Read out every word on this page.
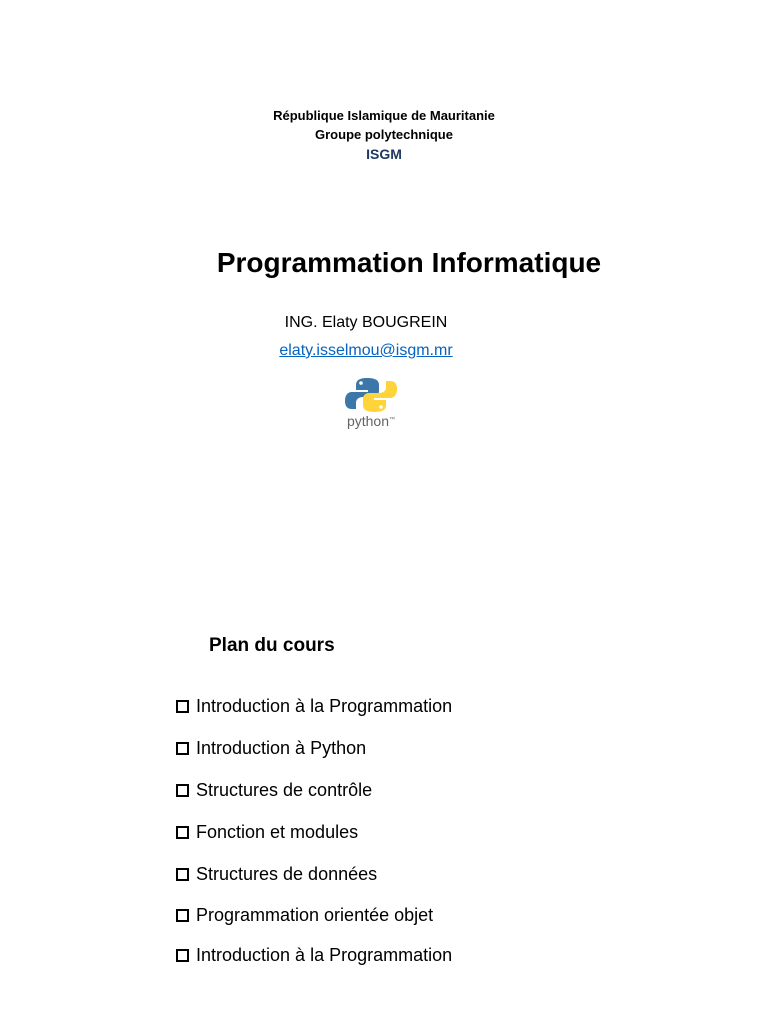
République Islamique de Mauritanie
Groupe polytechnique
ISGM
Programmation Informatique
ING. Elaty BOUGREIN
elaty.isselmou@isgm.mr
python™
Plan du cours
Introduction à la Programmation
Introduction à Python
Structures de contrôle
Fonction et modules
Structures de données
Programmation orientée objet
Introduction à la Programmation
